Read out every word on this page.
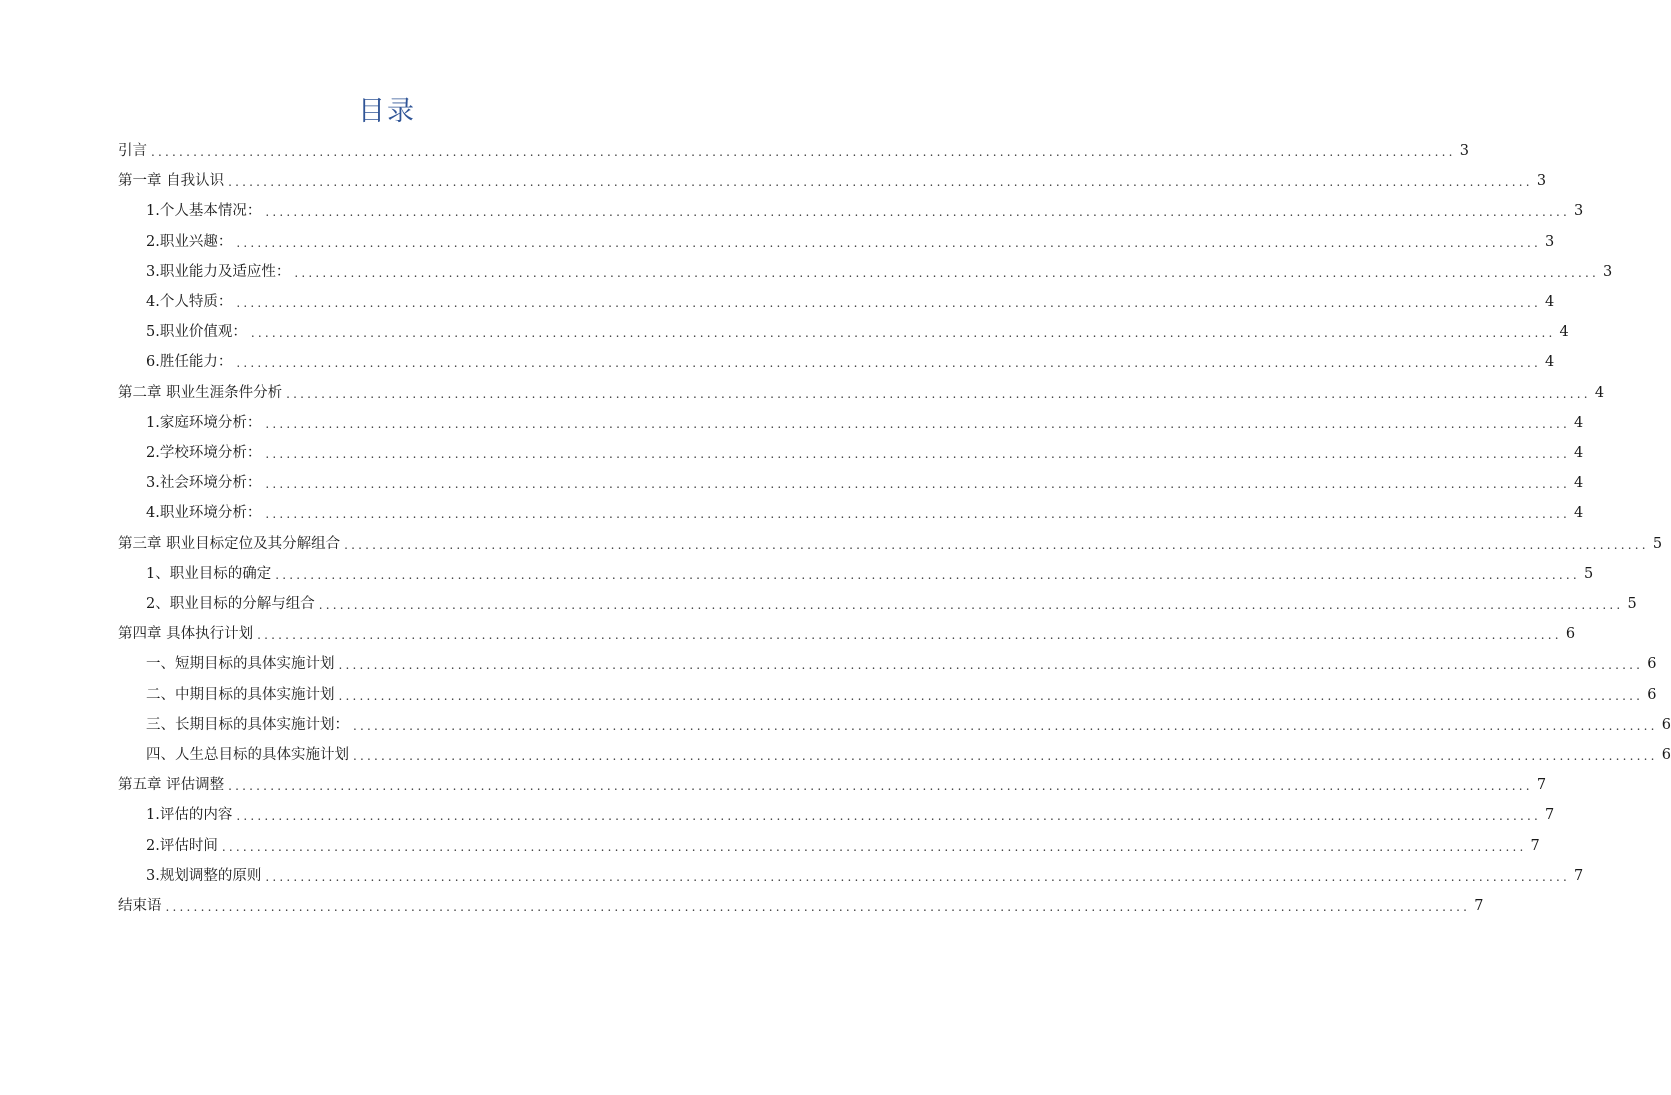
目录
引言 .......................................................................................................................................................................................... 3
第一章 自我认识 .......................................................................................................................................................................................... 3
1.个人基本情况： .......................................................................................................................................................................................... 3
2.职业兴趣： .......................................................................................................................................................................................... 3
3.职业能力及适应性： .......................................................................................................................................................................................... 3
4.个人特质： .......................................................................................................................................................................................... 4
5.职业价值观： .......................................................................................................................................................................................... 4
6.胜任能力： .......................................................................................................................................................................................... 4
第二章 职业生涯条件分析 .......................................................................................................................................................................................... 4
1.家庭环境分析： .......................................................................................................................................................................................... 4
2.学校环境分析： .......................................................................................................................................................................................... 4
3.社会环境分析： .......................................................................................................................................................................................... 4
4.职业环境分析： .......................................................................................................................................................................................... 4
第三章 职业目标定位及其分解组合 .......................................................................................................................................................................................... 5
1、职业目标的确定 .......................................................................................................................................................................................... 5
2、职业目标的分解与组合 .......................................................................................................................................................................................... 5
第四章 具体执行计划 .......................................................................................................................................................................................... 6
一、短期目标的具体实施计划 .......................................................................................................................................................................................... 6
二、中期目标的具体实施计划 .......................................................................................................................................................................................... 6
三、长期目标的具体实施计划： .......................................................................................................................................................................................... 6
四、人生总目标的具体实施计划 .......................................................................................................................................................................................... 6
第五章 评估调整 .......................................................................................................................................................................................... 7
1.评估的内容 .......................................................................................................................................................................................... 7
2.评估时间 .......................................................................................................................................................................................... 7
3.规划调整的原则 .......................................................................................................................................................................................... 7
结束语 .......................................................................................................................................................................................... 7
